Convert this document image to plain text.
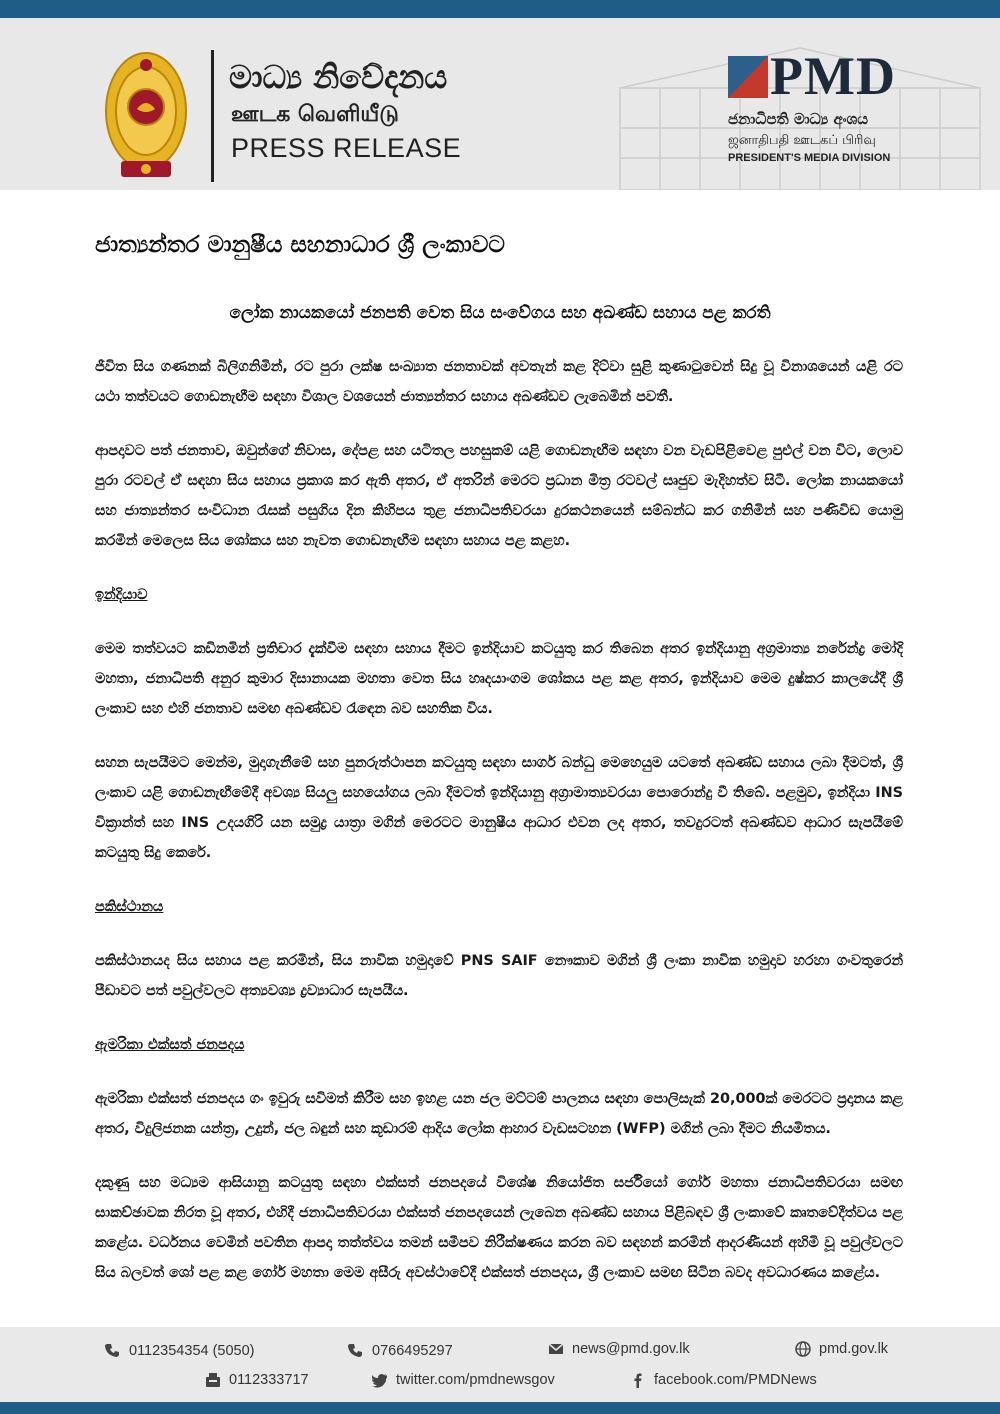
මාධ්‍ය නිවේදනය
ஊடக வெளியீடு
PRESS RELEASE
PMD
ජනාධිපති මාධ්‍ය අංශය
ஜனாதிபதி ஊடகப் பிரிவு
PRESIDENT'S MEDIA DIVISION
ජාත්‍යන්තර මානුෂීය සහනාධාර ශ්‍රී ලංකාවට
ලෝක නායකයෝ ජනපති වෙත සිය සංවේගය සහ අඛණ්ඩ සහාය පළ කරති

ජීවිත සිය ගණනක් බිලිගනිමින්, රට පුරා ලක්ෂ සංඛ්‍යාත ජනතාවක් අවතැන් කළ දිට්වා සුළි කුණාටුවෙන් සිදු වූ විනාශයෙන් යළි රට යථා තත්වයට ගොඩනැඟීම සඳහා විශාල වශයෙන් ජාත්‍යන්තර සහාය අඛණ්ඩව ලැබෙමින් පවතී.

ආපදාවට පත් ජනතාව, ඔවුන්ගේ නිවාස, දේපළ සහ යටිතල පහසුකම් යළි ගොඩනැඟීම සඳහා වන වැඩපිළිවෙළ පුළුල් වන විට, ලොව පුරා රටවල් ඒ සඳහා සිය සහාය ප්‍රකාශ කර ඇති අතර, ඒ අතරින් මෙරට ප්‍රධාන මිත්‍ර රටවල් සෘජුව මැදිහත්ව සිටී. ලෝක නායකයෝ සහ ජාත්‍යන්තර සංවිධාන රැසක් පසුගිය දින කිහිපය තුළ ජනාධිපතිවරයා දුරකථනයෙන් සම්බන්ධ කර ගනිමින් සහ පණිවිඩ යොමු කරමින් මෙලෙස සිය ශෝකය සහ නැවත ගොඩනැඟීම සඳහා සහාය පළ කළහ.

ඉන්දියාව

මෙම තත්වයට කඩිනමින් ප්‍රතිචාර දැක්වීම සඳහා සහාය දීමට ඉන්දියාව කටයුතු කර තිබෙන අතර ඉන්දියානු අග්‍රමාත්‍ය නරේන්ද්‍ර මෝදි මහතා, ජනාධිපති අනුර කුමාර දිසානායක මහතා වෙත සිය හෘදයාංගම ශෝකය පළ කළ අතර, ඉන්දියාව මෙම දුෂ්කර කාලයේදී ශ්‍රී ලංකාව සහ එහි ජනතාව සමඟ අඛණ්ඩව රැඳෙන බව සහතික විය.

සහන සැපයීමට මෙන්ම, මුදාගැනීමේ සහ පුනරුත්ථාපන කටයුතු සඳහා සාගර් බන්ධු මෙහෙයුම යටතේ අඛණ්ඩ සහාය ලබා දීමටත්, ශ්‍රී ලංකාව යළි ගොඩනැඟීමේදී අවශ්‍ය සියලු සහයෝගය ලබා දීමටත් ඉන්දියානු අග්‍රාමාත්‍යවරයා පොරොන්දු වී තිබේ. පළමුව, ඉන්දියා INS වික්‍රාන්ත් සහ INS උදයගිරි යන සමුද්‍ර යාත්‍රා මගින් මෙරටට මානුෂීය ආධාර එවන ලද අතර, තවදුරටත් අඛණ්ඩව ආධාර සැපයීමේ කටයුතු සිදු කෙරේ.

පකිස්ථානය

පකිස්ථානයද සිය සහාය පළ කරමින්, සිය නාවික හමුදාවේ PNS SAIF නෞකාව මගින් ශ්‍රී ලංකා නාවික හමුදාව හරහා ගංවතුරෙන් පීඩාවට පත් පවුල්වලට අත්‍යවශ්‍ය ද්‍රව්‍යාධාර සැපයීය.

ඇමරිකා එක්සත් ජනපදය

ඇමරිකා එක්සත් ජනපදය ගං ඉවුරු සවිමත් කිරීම සහ ඉහළ යන ජල මට්ටම් පාලනය සඳහා පොලිසැක් 20,000ක් මෙරටට ප්‍රදානය කළ අතර, විදුලිජනක යන්ත්‍ර, උදුන්, ජල බඳුන් සහ කූඩාරම් ආදිය ලෝක ආහාර වැඩසටහන (WFP) මගින් ලබා දීමට නියමිතය.

දකුණු සහ මධ්‍යම ආසියානු කටයුතු සඳහා එක්සත් ජනපදයේ විශේෂ නියෝජිත සර්ජියෝ ගෝර් මහතා ජනාධිපතිවරයා සමඟ සාකච්ඡාවක නිරත වූ අතර, එහිදී ජනාධිපතිවරයා එක්සත් ජනපදයෙන් ලැබෙන අඛණ්ඩ සහාය පිළිබඳව ශ්‍රී ලංකාවේ කෘතවේදීත්වය පළ කළේය. වර්ධනය වෙමින් පවතින ආපදා තත්ත්වය තමන් සමීපව නිරීක්ෂණය කරන බව සඳහන් කරමින් ආදරණීයන් අහිමි වූ පවුල්වලට සිය බලවත් ශෝ පළ කළ ගෝර් මහතා මෙම අසීරු අවස්ථාවේදී එක්සත් ජනපදය, ශ්‍රී ලංකාව සමඟ සිටින බවද අවධාරණය කළේය.

0112354354 (5050)	0766495297	news@pmd.gov.lk	pmd.gov.lk
0112333717	twitter.com/pmdnewsgov	facebook.com/PMDNews
